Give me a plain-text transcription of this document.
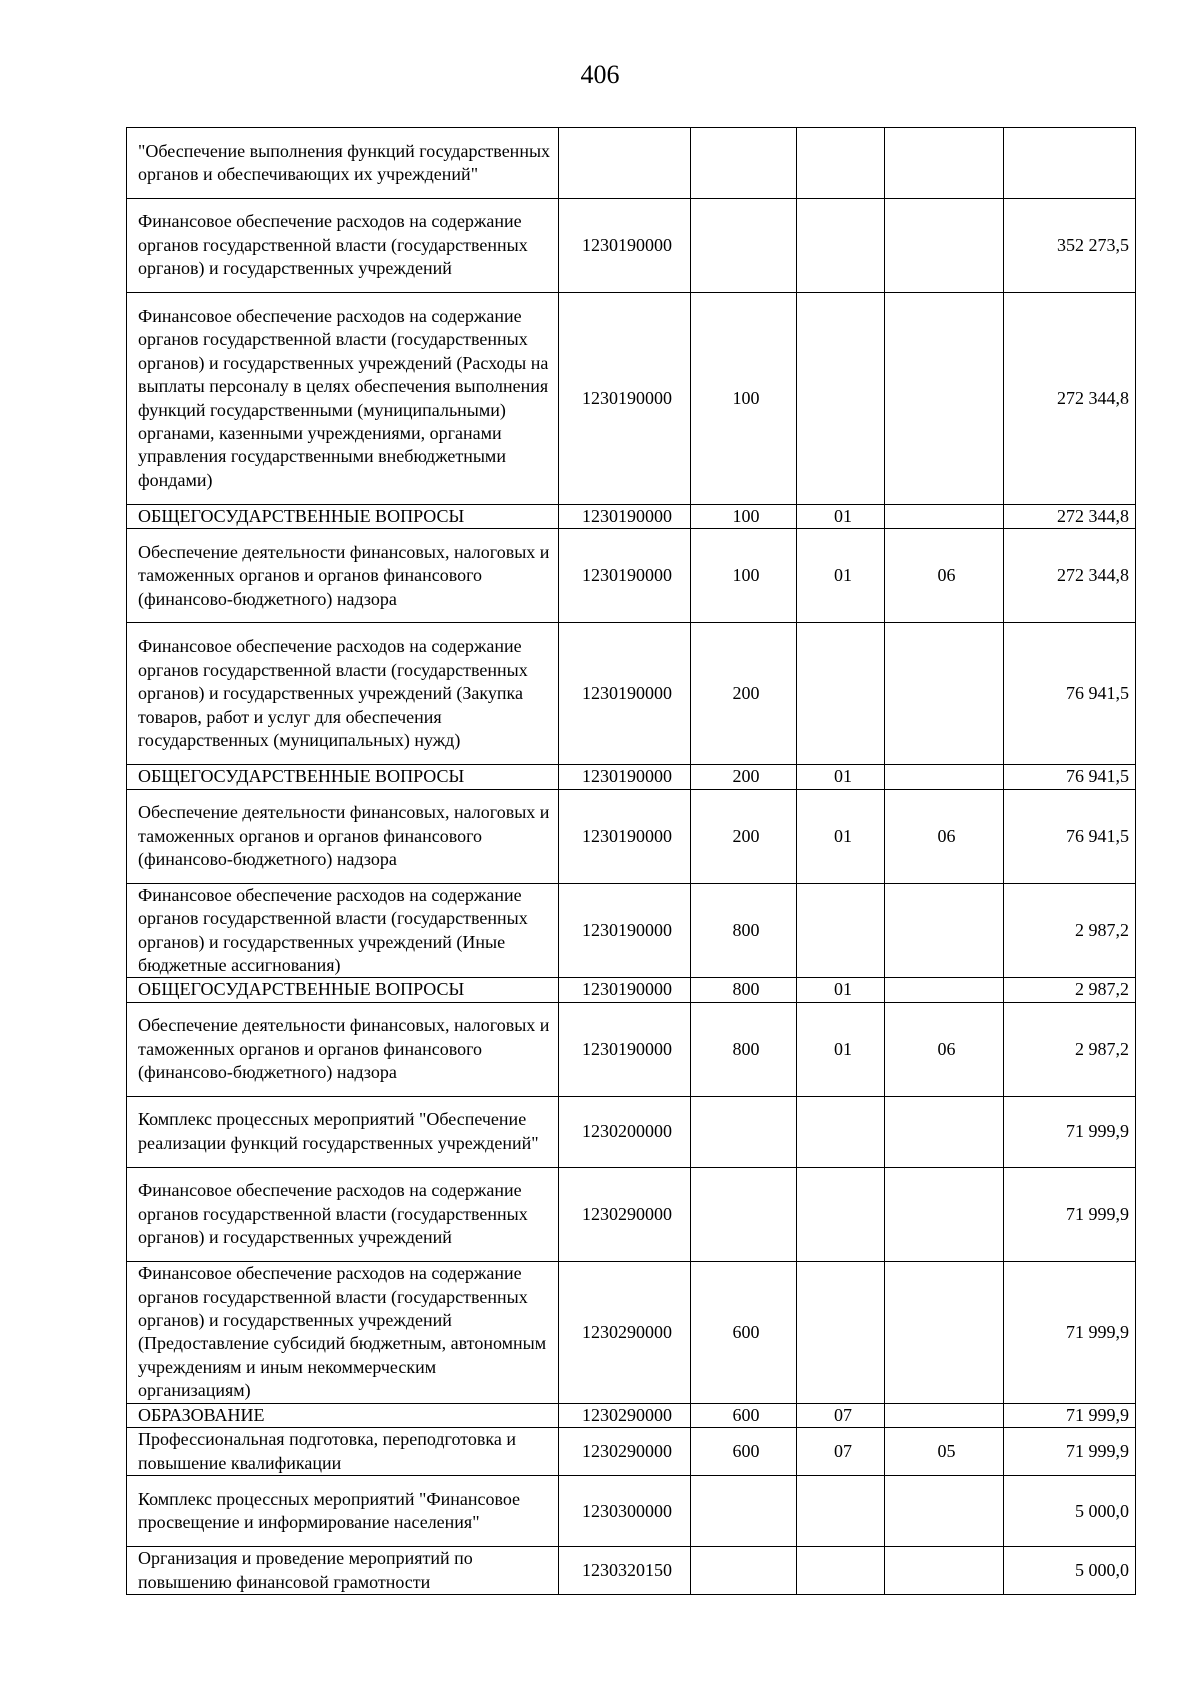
406
"Обеспечение выполнения функций государственных органов и обеспечивающих их учреждений"					
Финансовое обеспечение расходов на содержание органов государственной власти (государственных органов) и государственных учреждений	1230190000				352 273,5
Финансовое обеспечение расходов на содержание органов государственной власти (государственных органов) и государственных учреждений (Расходы на выплаты персоналу в целях обеспечения выполнения функций государственными (муниципальными) органами, казенными учреждениями, органами управления государственными внебюджетными фондами)	1230190000	100			272 344,8
ОБЩЕГОСУДАРСТВЕННЫЕ ВОПРОСЫ	1230190000	100	01		272 344,8
Обеспечение деятельности финансовых, налоговых и таможенных органов и органов финансового (финансово-бюджетного) надзора	1230190000	100	01	06	272 344,8
Финансовое обеспечение расходов на содержание органов государственной власти (государственных органов) и государственных учреждений (Закупка товаров, работ и услуг для обеспечения государственных (муниципальных) нужд)	1230190000	200			76 941,5
ОБЩЕГОСУДАРСТВЕННЫЕ ВОПРОСЫ	1230190000	200	01		76 941,5
Обеспечение деятельности финансовых, налоговых и таможенных органов и органов финансового (финансово-бюджетного) надзора	1230190000	200	01	06	76 941,5
Финансовое обеспечение расходов на содержание органов государственной власти (государственных органов) и государственных учреждений (Иные бюджетные ассигнования)	1230190000	800			2 987,2
ОБЩЕГОСУДАРСТВЕННЫЕ ВОПРОСЫ	1230190000	800	01		2 987,2
Обеспечение деятельности финансовых, налоговых и таможенных органов и органов финансового (финансово-бюджетного) надзора	1230190000	800	01	06	2 987,2
Комплекс процессных мероприятий "Обеспечение реализации функций государственных учреждений"	1230200000				71 999,9
Финансовое обеспечение расходов на содержание органов государственной власти (государственных органов) и государственных учреждений	1230290000				71 999,9
Финансовое обеспечение расходов на содержание органов государственной власти (государственных органов) и государственных учреждений (Предоставление субсидий бюджетным, автономным учреждениям и иным некоммерческим организациям)	1230290000	600			71 999,9
ОБРАЗОВАНИЕ	1230290000	600	07		71 999,9
Профессиональная подготовка, переподготовка и повышение квалификации	1230290000	600	07	05	71 999,9
Комплекс процессных мероприятий "Финансовое просвещение и информирование населения"	1230300000				5 000,0
Организация и проведение мероприятий по повышению финансовой грамотности	1230320150				5 000,0
